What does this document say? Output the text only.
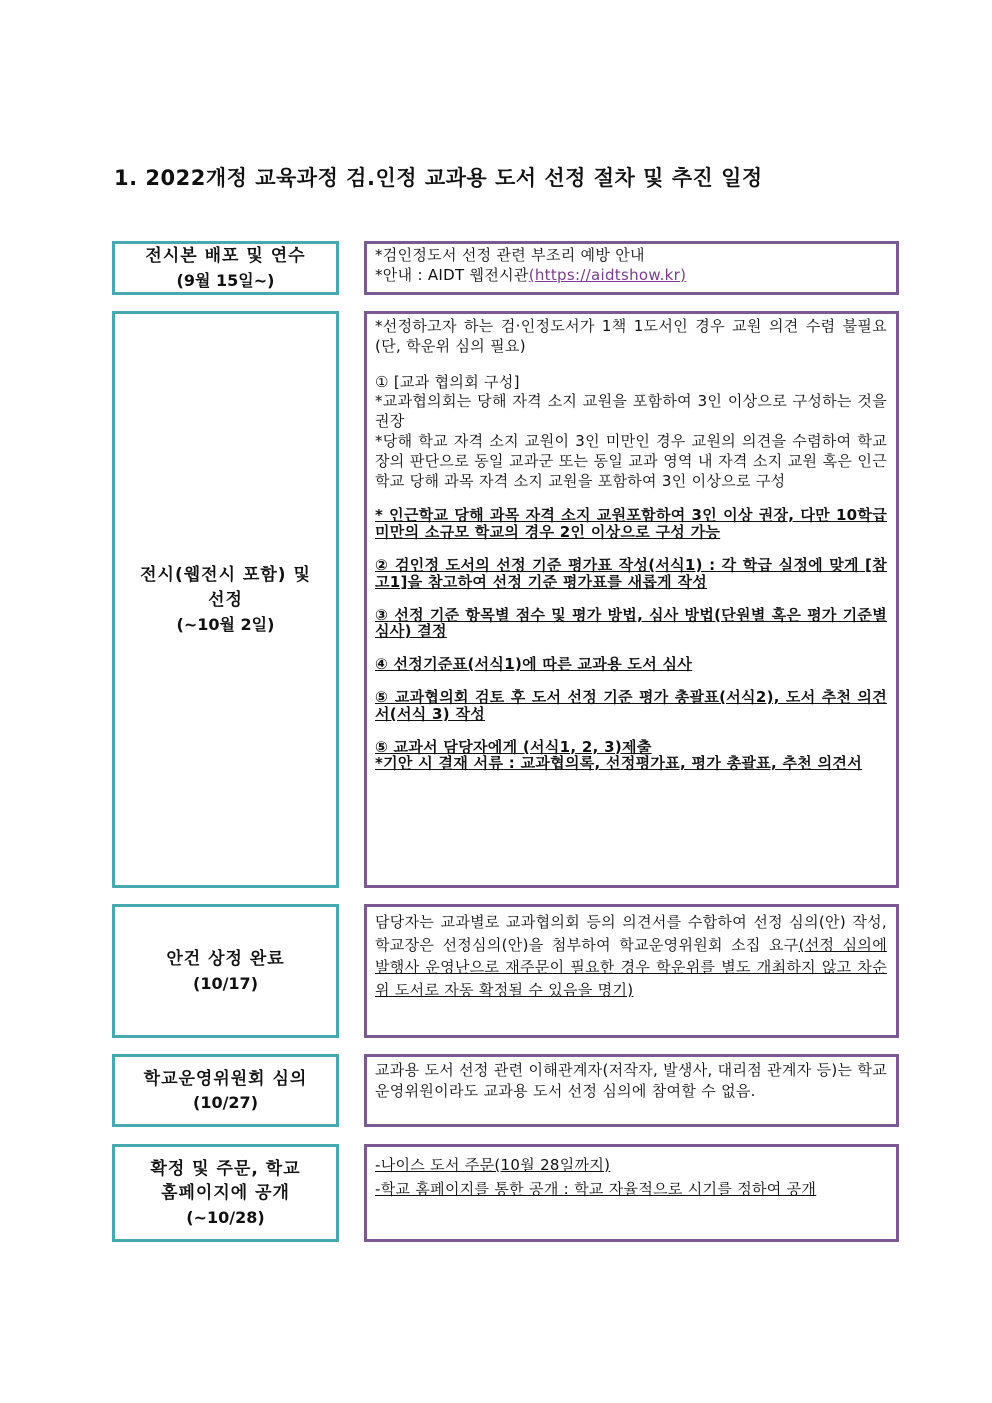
1. 2022개정 교육과정 검.인정 교과용 도서 선정 절차 및 추진 일정
전시본 배포 및 연수
(9월 15일~)

*검인정도서 선정 관련 부조리 예방 안내

*안내 : AIDT 웹전시관(https://aidtshow.kr)

전시(웹전시 포함) 및
선정
(~10월 2일)

*선정하고자 하는 검·인정도서가 1책 1도서인 경우 교원 의견 수렴 불필요(단, 학운위 심의 필요)

① [교과 협의회 구성]

*교과협의회는 당해 자격 소지 교원을 포함하여 3인 이상으로 구성하는 것을 권장

*당해 학교 자격 소지 교원이 3인 미만인 경우 교원의 의견을 수렴하여 학교장의 판단으로 동일 교과군 또는 동일 교과 영역 내 자격 소지 교원 혹은 인근 학교 당해 과목 자격 소지 교원을 포함하여 3인 이상으로 구성

* 인근학교 당해 과목 자격 소지 교원포함하여 3인 이상 권장, 다만 10학급 미만의 소규모 학교의 경우 2인 이상으로 구성 가능

② 검인정 도서의 선정 기준 평가표 작성(서식1) : 각 학급 실정에 맞게 [참고1]을 참고하여 선정 기준 평가표를 새롭게 작성

③ 선정 기준 항목별 점수 및 평가 방법, 심사 방법(단원별 혹은 평가 기준별 심사) 결정

④ 선정기준표(서식1)에 따른 교과용 도서 심사

⑤ 교과협의회 검토 후 도서 선정 기준 평가 총괄표(서식2), 도서 추천 의견서(서식 3) 작성

⑤ 교과서 담당자에게 (서식1, 2, 3)제출

*기안 시 결재 서류 : 교과협의록, 선정평가표, 평가 총괄표, 추천 의견서

안건 상정 완료
(10/17)

담당자는 교과별로 교과협의회 등의 의견서를 수합하여 선정 심의(안) 작성, 학교장은 선정심의(안)을 첨부하여 학교운영위원회 소집 요구(선정 심의에 발행사 운영난으로 재주문이 필요한 경우 학운위를 별도 개최하지 않고 차순위 도서로 자동 확정될 수 있음을 명기)

학교운영위원회 심의
(10/27)

교과용 도서 선정 관련 이해관계자(저작자, 발생사, 대리점 관계자 등)는 학교운영위원이라도 교과용 도서 선정 심의에 참여할 수 없음.

확정 및 주문, 학교
홈페이지에 공개
(~10/28)

-나이스 도서 주문(10월 28일까지)

-학교 홈페이지를 통한 공개 : 학교 자율적으로 시기를 정하여 공개
